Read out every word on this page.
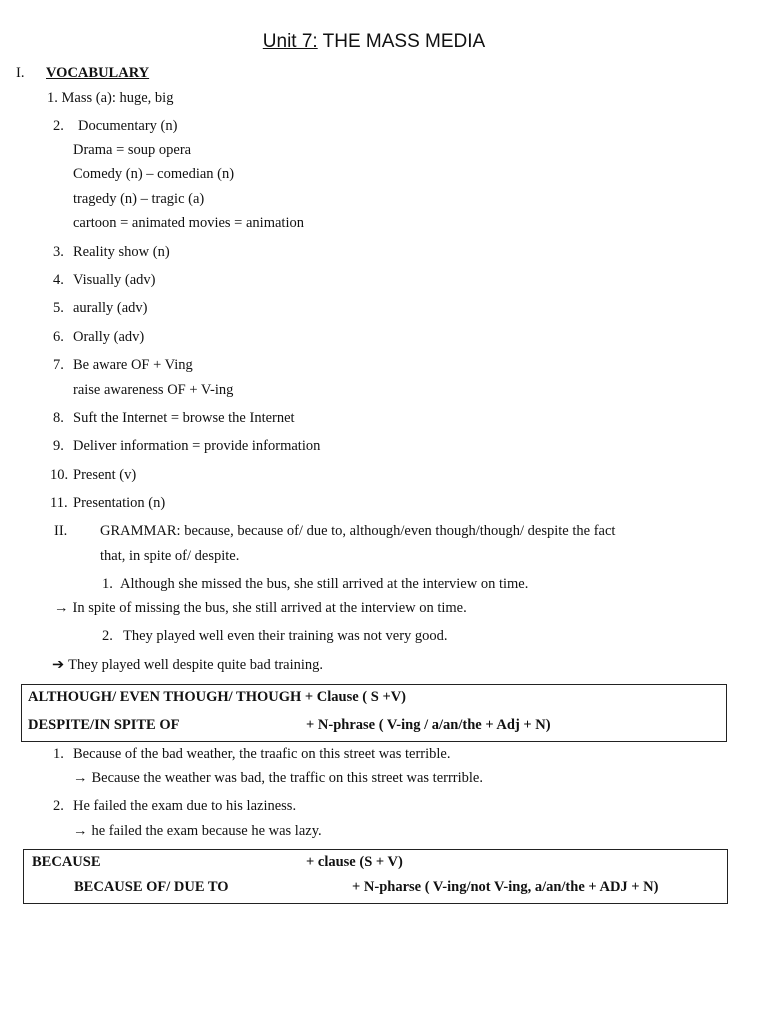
Unit 7: THE MASS MEDIA
I. VOCABULARY
1. Mass (a): huge, big
2. Documentary (n)
Drama = soup opera
Comedy (n) – comedian (n)
tragedy (n) – tragic (a)
cartoon = animated movies = animation
3. Reality show (n)
4. Visually (adv)
5. aurally (adv)
6. Orally (adv)
7. Be aware OF + Ving
raise awareness OF + V-ing
8. Suft the Internet = browse the Internet
9. Deliver information = provide information
10. Present (v)
11. Presentation (n)
II. GRAMMAR: because, because of/ due to, although/even though/though/ despite the fact
that, in spite of/ despite.
1. Although she missed the bus, she still arrived at the interview on time.
→ In spite of missing the bus, she still arrived at the interview on time.
2. They played well even their training was not very good.
➔ They played well despite quite bad training.
ALTHOUGH/ EVEN THOUGH/ THOUGH + Clause ( S +V)
DESPITE/IN SPITE OF	+ N-phrase ( V-ing / a/an/the + Adj + N)
1. Because of the bad weather, the traafic on this street was terrible.
→ Because the weather was bad, the traffic on this street was terrrible.
2. He failed the exam due to his laziness.
→ he failed the exam because he was lazy.
BECAUSE	+ clause (S + V)
BECAUSE OF/ DUE TO	+ N-pharse ( V-ing/not V-ing, a/an/the + ADJ + N)
